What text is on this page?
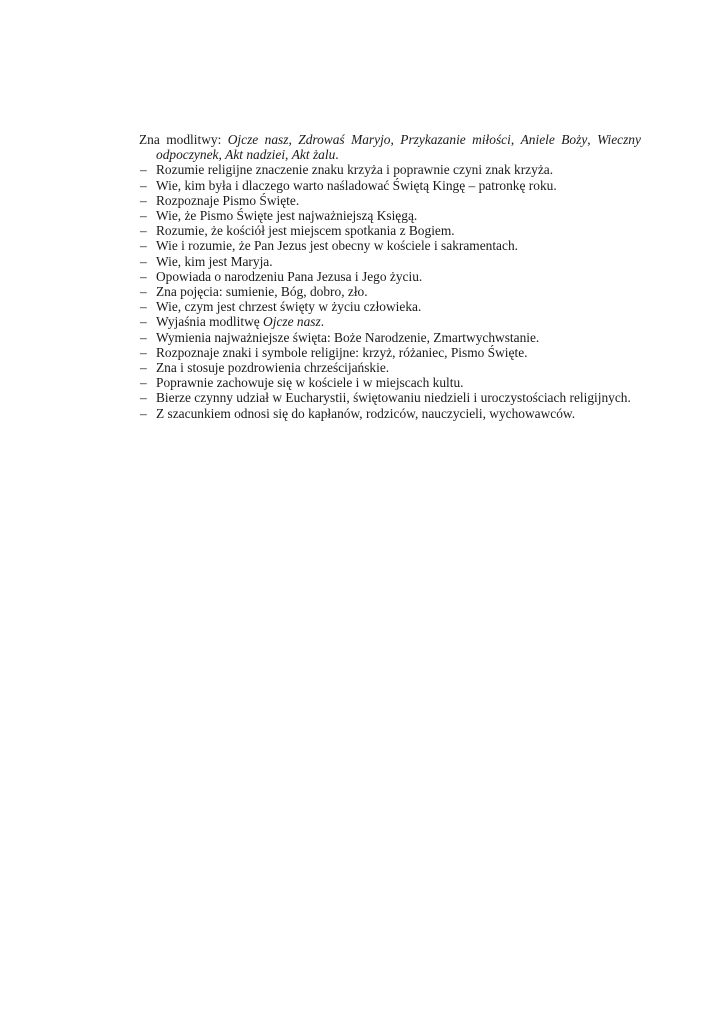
Zna modlitwy: Ojcze nasz, Zdrowaś Maryjo, Przykazanie miłości, Aniele Boży, Wieczny odpoczynek, Akt nadziei, Akt żalu.

– Rozumie religijne znaczenie znaku krzyża i poprawnie czyni znak krzyża.
– Wie, kim była i dlaczego warto naśladować Świętą Kingę – patronkę roku.
– Rozpoznaje Pismo Święte.
– Wie, że Pismo Święte jest najważniejszą Księgą.
– Rozumie, że kościół jest miejscem spotkania z Bogiem.
– Wie i rozumie, że Pan Jezus jest obecny w kościele i sakramentach.
– Wie, kim jest Maryja.
– Opowiada o narodzeniu Pana Jezusa i Jego życiu.
– Zna pojęcia: sumienie, Bóg, dobro, zło.
– Wie, czym jest chrzest święty w życiu człowieka.
– Wyjaśnia modlitwę Ojcze nasz.
– Wymienia najważniejsze święta: Boże Narodzenie, Zmartwychwstanie.
– Rozpoznaje znaki i symbole religijne: krzyż, różaniec, Pismo Święte.
– Zna i stosuje pozdrowienia chrześcijańskie.
– Poprawnie zachowuje się w kościele i w miejscach kultu.
– Bierze czynny udział w Eucharystii, świętowaniu niedzieli i uroczystościach religijnych.
– Z szacunkiem odnosi się do kapłanów, rodziców, nauczycieli, wychowawców.
